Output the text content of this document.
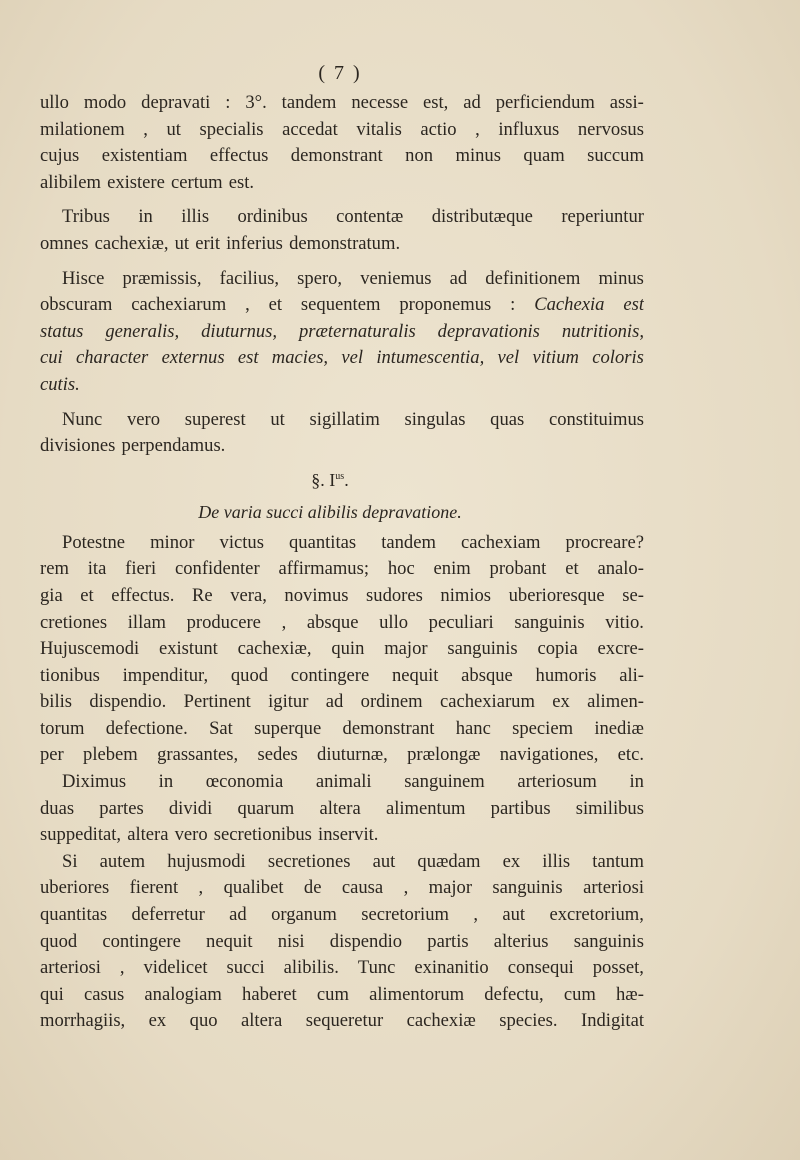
( 7 )
ullo modo depravati : 3°. tandem necesse est, ad perficiendum assi-
milationem , ut specialis accedat vitalis actio , influxus nervosus
cujus existentiam effectus demonstrant non minus quam succum
alibilem existere certum est.
Tribus in illis ordinibus contentæ distributæque reperiuntur
omnes cachexiæ, ut erit inferius demonstratum.
Hisce præmissis, facilius, spero, veniemus ad definitionem minus
obscuram cachexiarum , et sequentem proponemus : Cachexia est
status generalis, diuturnus, præternaturalis depravationis nutritionis,
cui character externus est macies, vel intumescentia, vel vitium coloris
cutis.
Nunc vero superest ut sigillatim singulas quas constituimus
divisiones perpendamus.
§. $I^{us}$.
De varia succi alibilis depravatione.
Potestne minor victus quantitas tandem cachexiam procreare?
rem ita fieri confidenter affirmamus; hoc enim probant et analo-
gia et effectus. Re vera, novimus sudores nimios uberioresque se-
cretiones illam producere , absque ullo peculiari sanguinis vitio.
Hujuscemodi existunt cachexiæ, quin major sanguinis copia excre-
tionibus impenditur, quod contingere nequit absque humoris ali-
bilis dispendio. Pertinent igitur ad ordinem cachexiarum ex alimen-
torum defectione. Sat superque demonstrant hanc speciem inediæ
per plebem grassantes, sedes diuturnæ, prælongæ navigationes, etc.
Diximus in œconomia animali sanguinem arteriosum in
duas partes dividi quarum altera alimentum partibus similibus
suppeditat, altera vero secretionibus inservit.
Si autem hujusmodi secretiones aut quædam ex illis tantum
uberiores fierent , qualibet de causa , major sanguinis arteriosi
quantitas deferretur ad organum secretorium , aut excretorium,
quod contingere nequit nisi dispendio partis alterius sanguinis
arteriosi , videlicet succi alibilis. Tunc exinanitio consequi posset,
qui casus analogiam haberet cum alimentorum defectu, cum hæ-
morrhagiis, ex quo altera sequeretur cachexiæ species. Indigitat
